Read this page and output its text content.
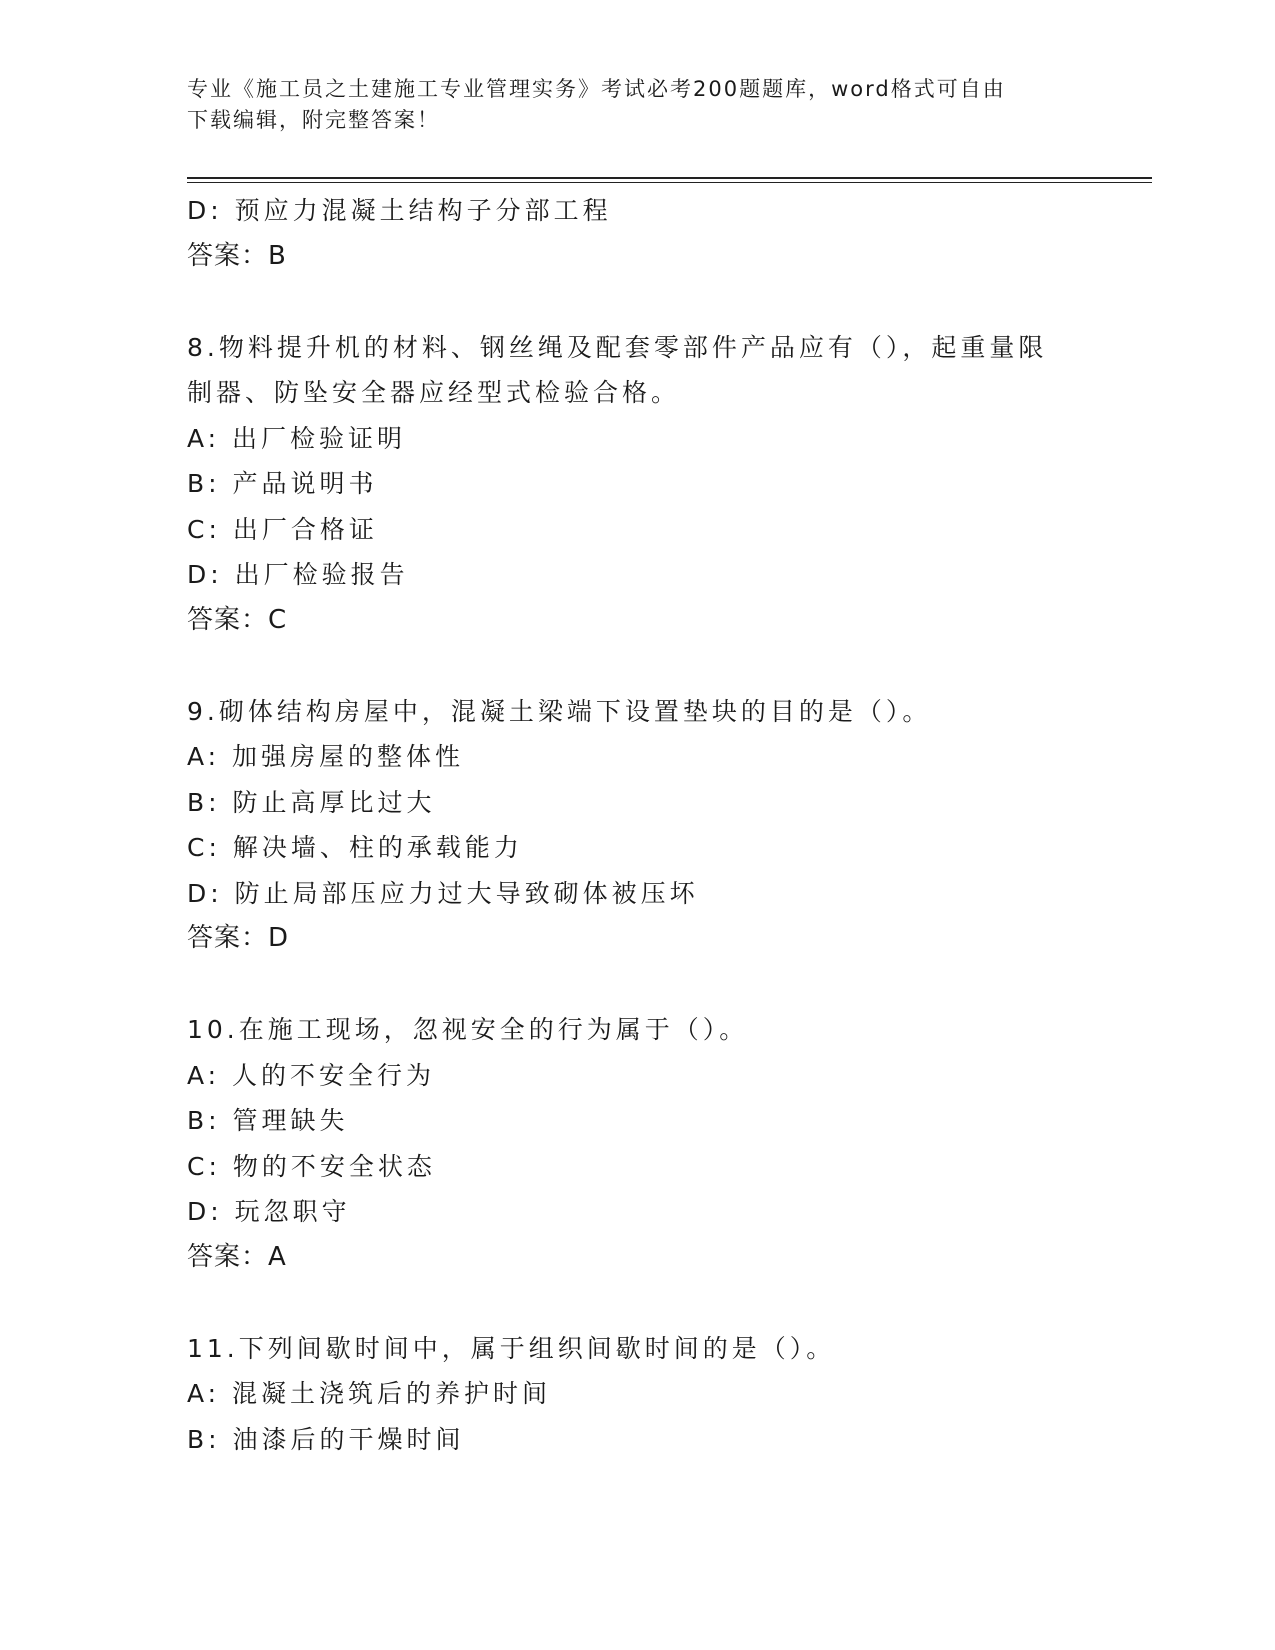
专业《施工员之土建施工专业管理实务》考试必考200题题库，word格式可自由
下载编辑，附完整答案！
D: 预应力混凝土结构子分部工程
答案：B
8.物料提升机的材料、钢丝绳及配套零部件产品应有（），起重量限
制器、防坠安全器应经型式检验合格。
A: 出厂检验证明
B: 产品说明书
C: 出厂合格证
D: 出厂检验报告
答案：C
9.砌体结构房屋中，混凝土梁端下设置垫块的目的是（）。
A: 加强房屋的整体性
B: 防止高厚比过大
C: 解决墙、柱的承载能力
D: 防止局部压应力过大导致砌体被压坏
答案：D
10.在施工现场，忽视安全的行为属于（）。
A: 人的不安全行为
B: 管理缺失
C: 物的不安全状态
D: 玩忽职守
答案：A
11.下列间歇时间中，属于组织间歇时间的是（）。
A: 混凝土浇筑后的养护时间
B: 油漆后的干燥时间
